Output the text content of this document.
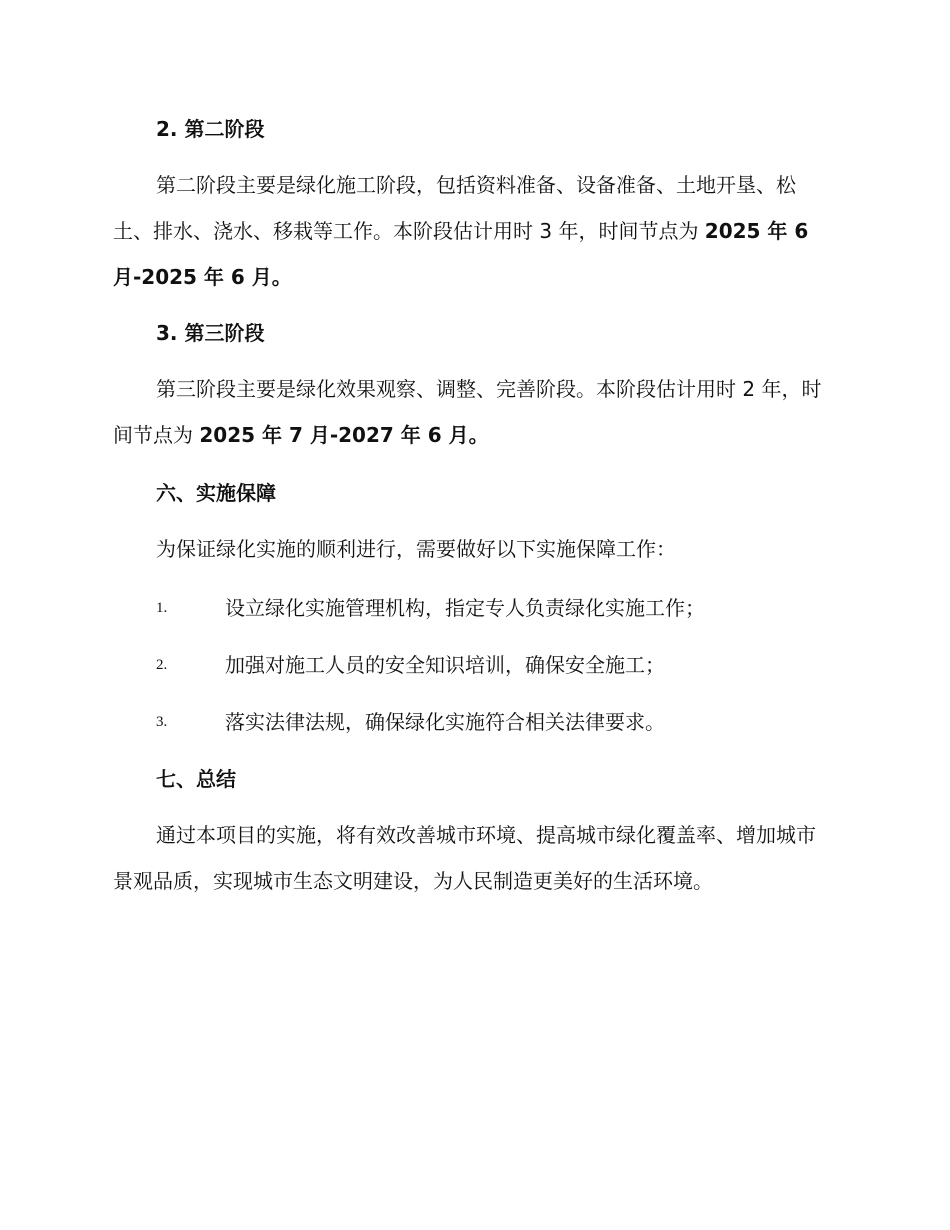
2. 第二阶段

第二阶段主要是绿化施工阶段，包括资料准备、设备准备、土地开垦、松土、排水、浇水、移栽等工作。本阶段估计用时 3 年，时间节点为 2025 年 6 月-2025 年 6 月。

3. 第三阶段

第三阶段主要是绿化效果观察、调整、完善阶段。本阶段估计用时 2 年，时间节点为 2025 年 7 月-2027 年 6 月。

六、实施保障

为保证绿化实施的顺利进行，需要做好以下实施保障工作：

1.	设立绿化实施管理机构，指定专人负责绿化实施工作；
2.	加强对施工人员的安全知识培训，确保安全施工；
3.	落实法律法规，确保绿化实施符合相关法律要求。
七、总结

通过本项目的实施，将有效改善城市环境、提高城市绿化覆盖率、增加城市景观品质，实现城市生态文明建设，为人民制造更美好的生活环境。
